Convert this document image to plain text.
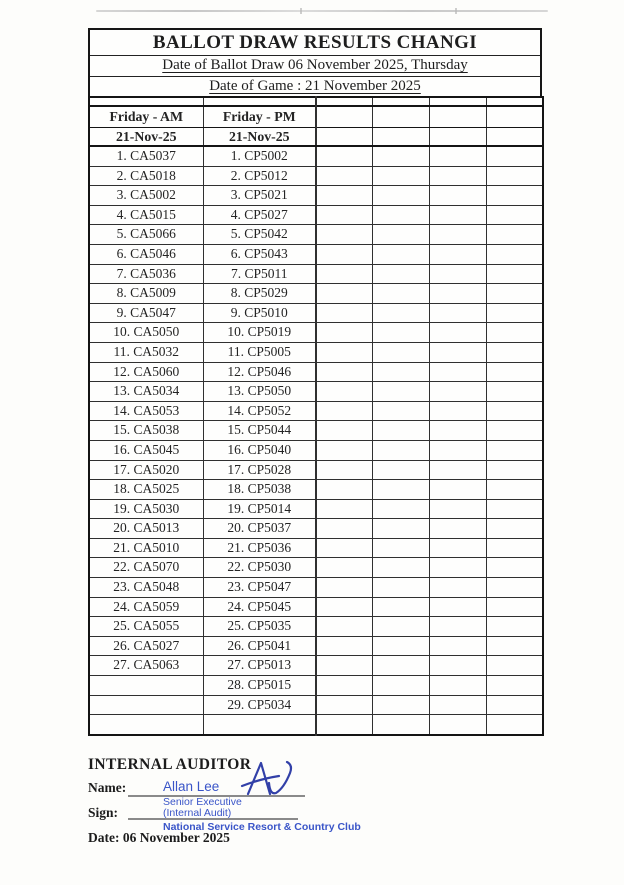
BALLOT DRAW RESULTS CHANGI
Date of Ballot Draw 06 November 2025, Thursday
Date of Game : 21 November 2025

Friday - AM	Friday - PM				
21-Nov-25	21-Nov-25				
1. CA5037	1. CP5002				
2. CA5018	2. CP5012				
3. CA5002	3. CP5021				
4. CA5015	4. CP5027				
5. CA5066	5. CP5042				
6. CA5046	6. CP5043				
7. CA5036	7. CP5011				
8. CA5009	8. CP5029				
9. CA5047	9. CP5010				
10. CA5050	10. CP5019				
11. CA5032	11. CP5005				
12. CA5060	12. CP5046				
13. CA5034	13. CP5050				
14. CA5053	14. CP5052				
15. CA5038	15. CP5044				
16. CA5045	16. CP5040				
17. CA5020	17. CP5028				
18. CA5025	18. CP5038				
19. CA5030	19. CP5014				
20. CA5013	20. CP5037				
21. CA5010	21. CP5036				
22. CA5070	22. CP5030				
23. CA5048	23. CP5047				
24. CA5059	24. CP5045				
25. CA5055	25. CP5035				
26. CA5027	26. CP5041				
27. CA5063	27. CP5013				
	28. CP5015				
	29. CP5034				

INTERNAL AUDITOR
Name:
Sign:
Date: 06 November 2025
Allan Lee
Senior Executive
(Internal Audit)
National Service Resort & Country Club
